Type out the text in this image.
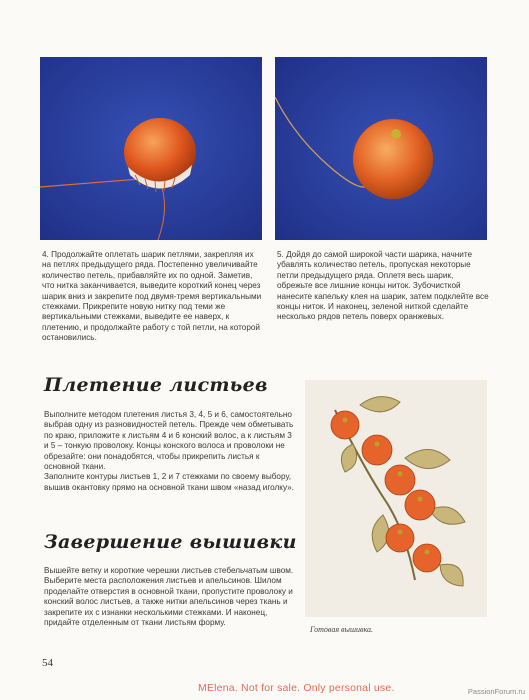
4. Продолжайте оплетать шарик петлями, закрепляя их на петлях предыдущего ряда. Постепенно увеличивайте количество петель, прибавляйте их по одной. Заметив, что нитка заканчивается, выведите короткий конец через шарик вниз и закрепите под двумя-тремя вертикальными стежками. Прикрепите новую нитку под теми же вертикальными стежками, выведите ее наверх, к плетению, и продолжайте работу с той петли, на которой остановились.

5. Дойдя до самой широкой части шарика, начните убавлять количество петель, пропуская некоторые петли предыдущего ряда. Оплетя весь шарик, обрежьте все лишние концы ниток. Зубочисткой нанесите капельку клея на шарик, затем подклейте все концы ниток. И наконец, зеленой ниткой сделайте несколько рядов петель поверх оранжевых.

Плетение листьев

Выполните методом плетения листья 3, 4, 5 и 6, самостоятельно выбрав одну из разновидностей петель. Прежде чем обметывать по краю, приложите к листьям 4 и 6 конский волос, а к листьям 3 и 5 – тонкую проволоку. Концы конского волоса и проволоки не обрезайте: они понадобятся, чтобы прикрепить листья к основной ткани.

Заполните контуры листьев 1, 2 и 7 стежками по своему выбору, вышив окантовку прямо на основной ткани швом «назад иголку».

Завершение вышивки

Вышейте ветку и короткие черешки листьев стебельчатым швом. Выберите места расположения листьев и апельсинов. Шилом проделайте отверстия в основной ткани, пропустите проволоку и конский волос листьев, а также нитки апельсинов через ткань и закрепите их с изнанки несколькими стежками. И наконец, придайте отделенным от ткани листьям форму.

Готовая вышивка.
54
MElena. Not for sale. Only personal use.	PassionForum.ru
